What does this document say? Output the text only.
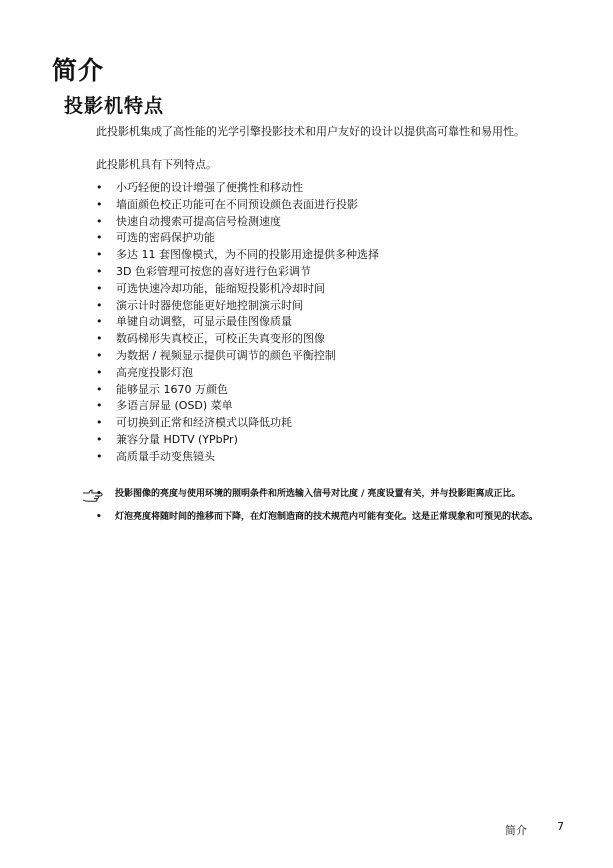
简介
投影机特点

此投影机集成了高性能的光学引擎投影技术和用户友好的设计以提供高可靠性和易用性。

此投影机具有下列特点。

• 小巧轻便的设计增强了便携性和移动性
• 墙面颜色校正功能可在不同预设颜色表面进行投影
• 快速自动搜索可提高信号检测速度
• 可选的密码保护功能
• 多达 11 套图像模式，为不同的投影用途提供多种选择
• 3D 色彩管理可按您的喜好进行色彩调节
• 可选快速冷却功能，能缩短投影机冷却时间
• 演示计时器使您能更好地控制演示时间
• 单键自动调整，可显示最佳图像质量
• 数码梯形失真校正，可校正失真变形的图像
• 为数据 / 视频显示提供可调节的颜色平衡控制
• 高亮度投影灯泡
• 能够显示 1670 万颜色
• 多语言屏显 (OSD) 菜单
• 可切换到正常和经济模式以降低功耗
• 兼容分量 HDTV (YPbPr)
• 高质量手动变焦镜头
• 投影图像的亮度与使用环境的照明条件和所选输入信号对比度 / 亮度设置有关，并与投影距离成正比。
• 灯泡亮度将随时间的推移而下降，在灯泡制造商的技术规范内可能有变化。这是正常现象和可预见的状态。
简介	7
